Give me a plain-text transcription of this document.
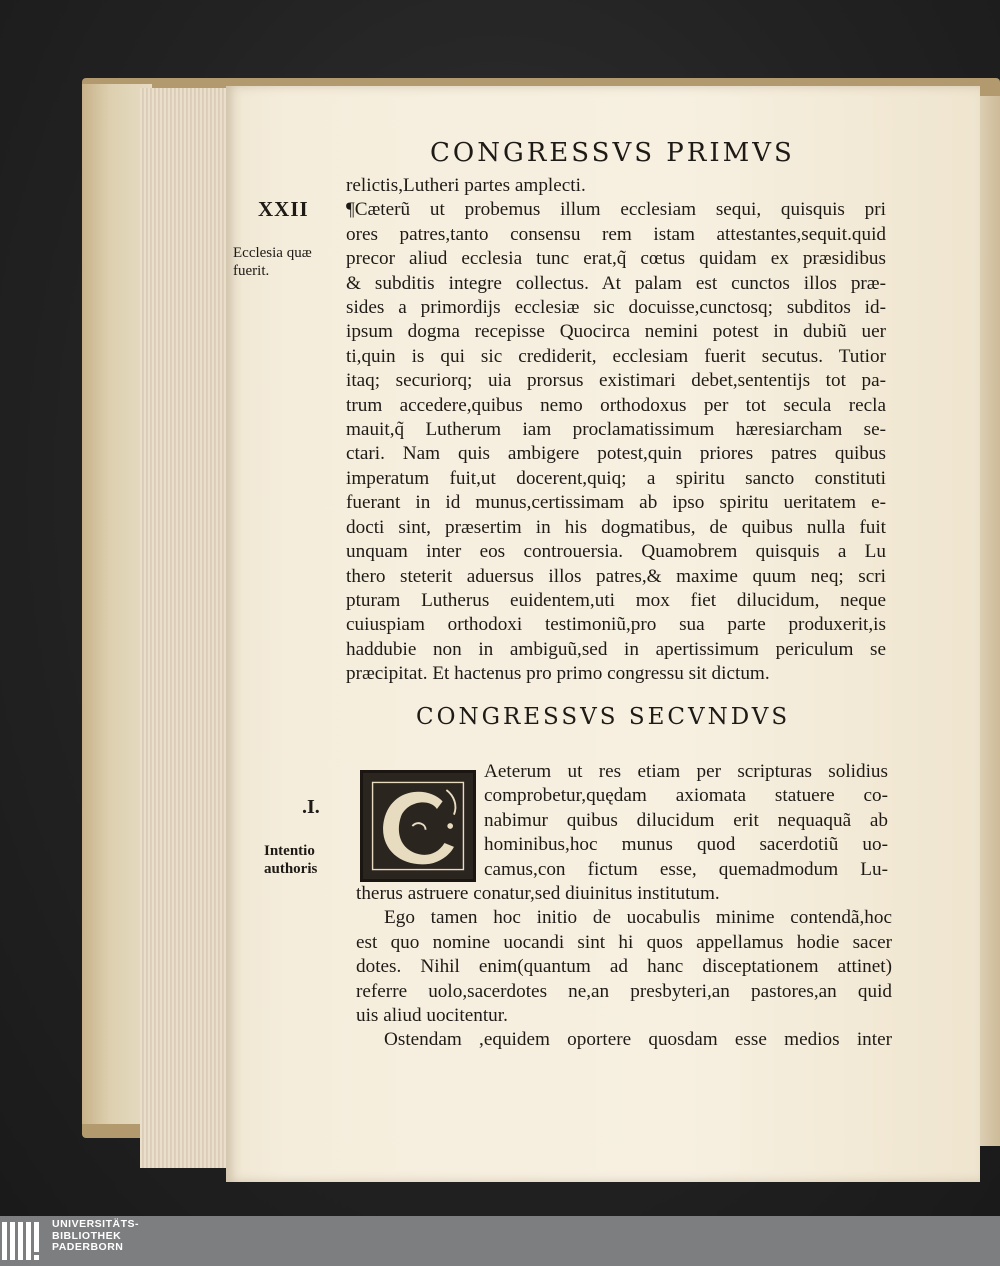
CONGRESSVS PRIMVS
XXII
Ecclesia quæ
fuerit.
relictis,Lutheri partes amplecti.
¶Cæterũ ut probemus illum ecclesiam sequi, quisquis pri
ores patres,tanto consensu rem istam attestantes,sequit.quid
precor aliud ecclesia tunc erat,q̃ cœtus quidam ex præsidibus
& subditis integre collectus. At palam est cunctos illos præ-
sides a primordijs ecclesiæ sic docuisse,cunctosq; subditos id-
ipsum dogma recepisse Quocirca nemini potest in dubiũ uer
ti,quin is qui sic crediderit, ecclesiam fuerit secutus. Tutior
itaq; securiorq; uia prorsus existimari debet,sententijs tot pa-
trum accedere,quibus nemo orthodoxus per tot secula recla
mauit,q̃ Lutherum iam proclamatissimum hæresiarcham se-
ctari. Nam quis ambigere potest,quin priores patres quibus
imperatum fuit,ut docerent,quiq; a spiritu sancto constituti
fuerant in id munus,certissimam ab ipso spiritu ueritatem e-
docti sint, præsertim in his dogmatibus, de quibus nulla fuit
unquam inter eos controuersia. Quamobrem quisquis a Lu
thero steterit aduersus illos patres,& maxime quum neq; scri
pturam Lutherus euidentem,uti mox fiet dilucidum, neque
cuiuspiam orthodoxi testimoniũ,pro sua parte produxerit,is
haddubie non in ambiguũ,sed in apertissimum periculum se
præcipitat. Et hactenus pro primo congressu sit dictum.
CONGRESSVS SECVNDVS
.I.
Intentio
authoris
Aeterum ut res etiam per scripturas solidius
comprobetur,quędam axiomata statuere co-
nabimur quibus dilucidum erit nequaquã ab
hominibus,hoc munus quod sacerdotiũ uo-
camus,con fictum esse, quemadmodum Lu-
therus astruere conatur,sed diuinitus institutum.
Ego tamen hoc initio de uocabulis minime contendã,hoc
est quo nomine uocandi sint hi quos appellamus hodie sacer
dotes. Nihil enim(quantum ad hanc disceptationem attinet)
referre uolo,sacerdotes ne,an presbyteri,an pastores,an quid
uis aliud uocitentur.
Ostendam ,equidem oportere quosdam esse medios inter
UNIVERSITÄTS-
BIBLIOTHEK
PADERBORN
